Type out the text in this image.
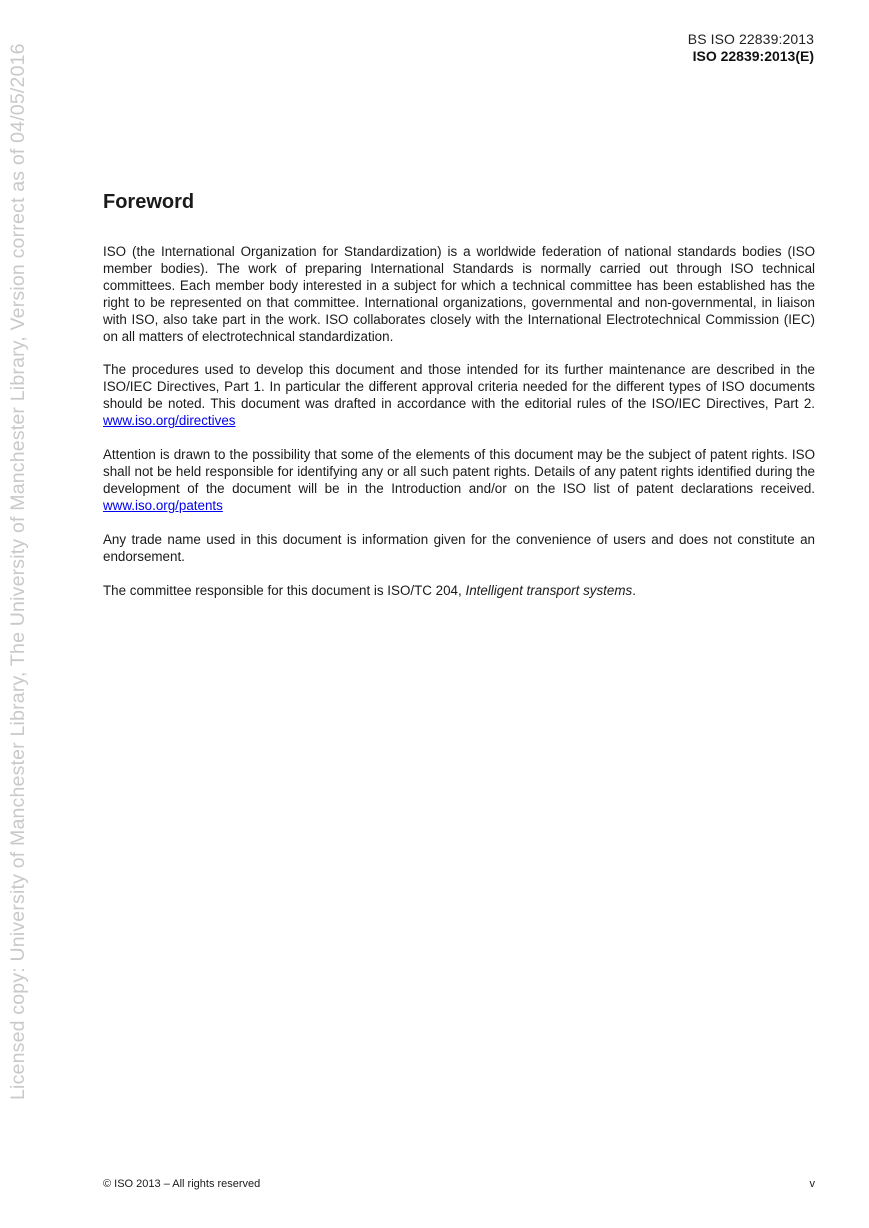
BS ISO 22839:2013
ISO 22839:2013(E)
Licensed copy: University of Manchester Library, The University of Manchester Library, Version correct as of 04/05/2016	Foreword

ISO (the International Organization for Standardization) is a worldwide federation of national standards bodies (ISO member bodies). The work of preparing International Standards is normally carried out through ISO technical committees. Each member body interested in a subject for which a technical committee has been established has the right to be represented on that committee. International organizations, governmental and non-governmental, in liaison with ISO, also take part in the work. ISO collaborates closely with the International Electrotechnical Commission (IEC) on all matters of electrotechnical standardization.

The procedures used to develop this document and those intended for its further maintenance are described in the ISO/IEC Directives, Part 1. In particular the different approval criteria needed for the different types of ISO documents should be noted. This document was drafted in accordance with the editorial rules of the ISO/IEC Directives, Part 2. www.iso.org/directives

Attention is drawn to the possibility that some of the elements of this document may be the subject of patent rights. ISO shall not be held responsible for identifying any or all such patent rights. Details of any patent rights identified during the development of the document will be in the Introduction and/or on the ISO list of patent declarations received. www.iso.org/patents

Any trade name used in this document is information given for the convenience of users and does not constitute an endorsement.

The committee responsible for this document is ISO/TC 204, Intelligent transport systems.

© ISO 2013 – All rights reserved	v
